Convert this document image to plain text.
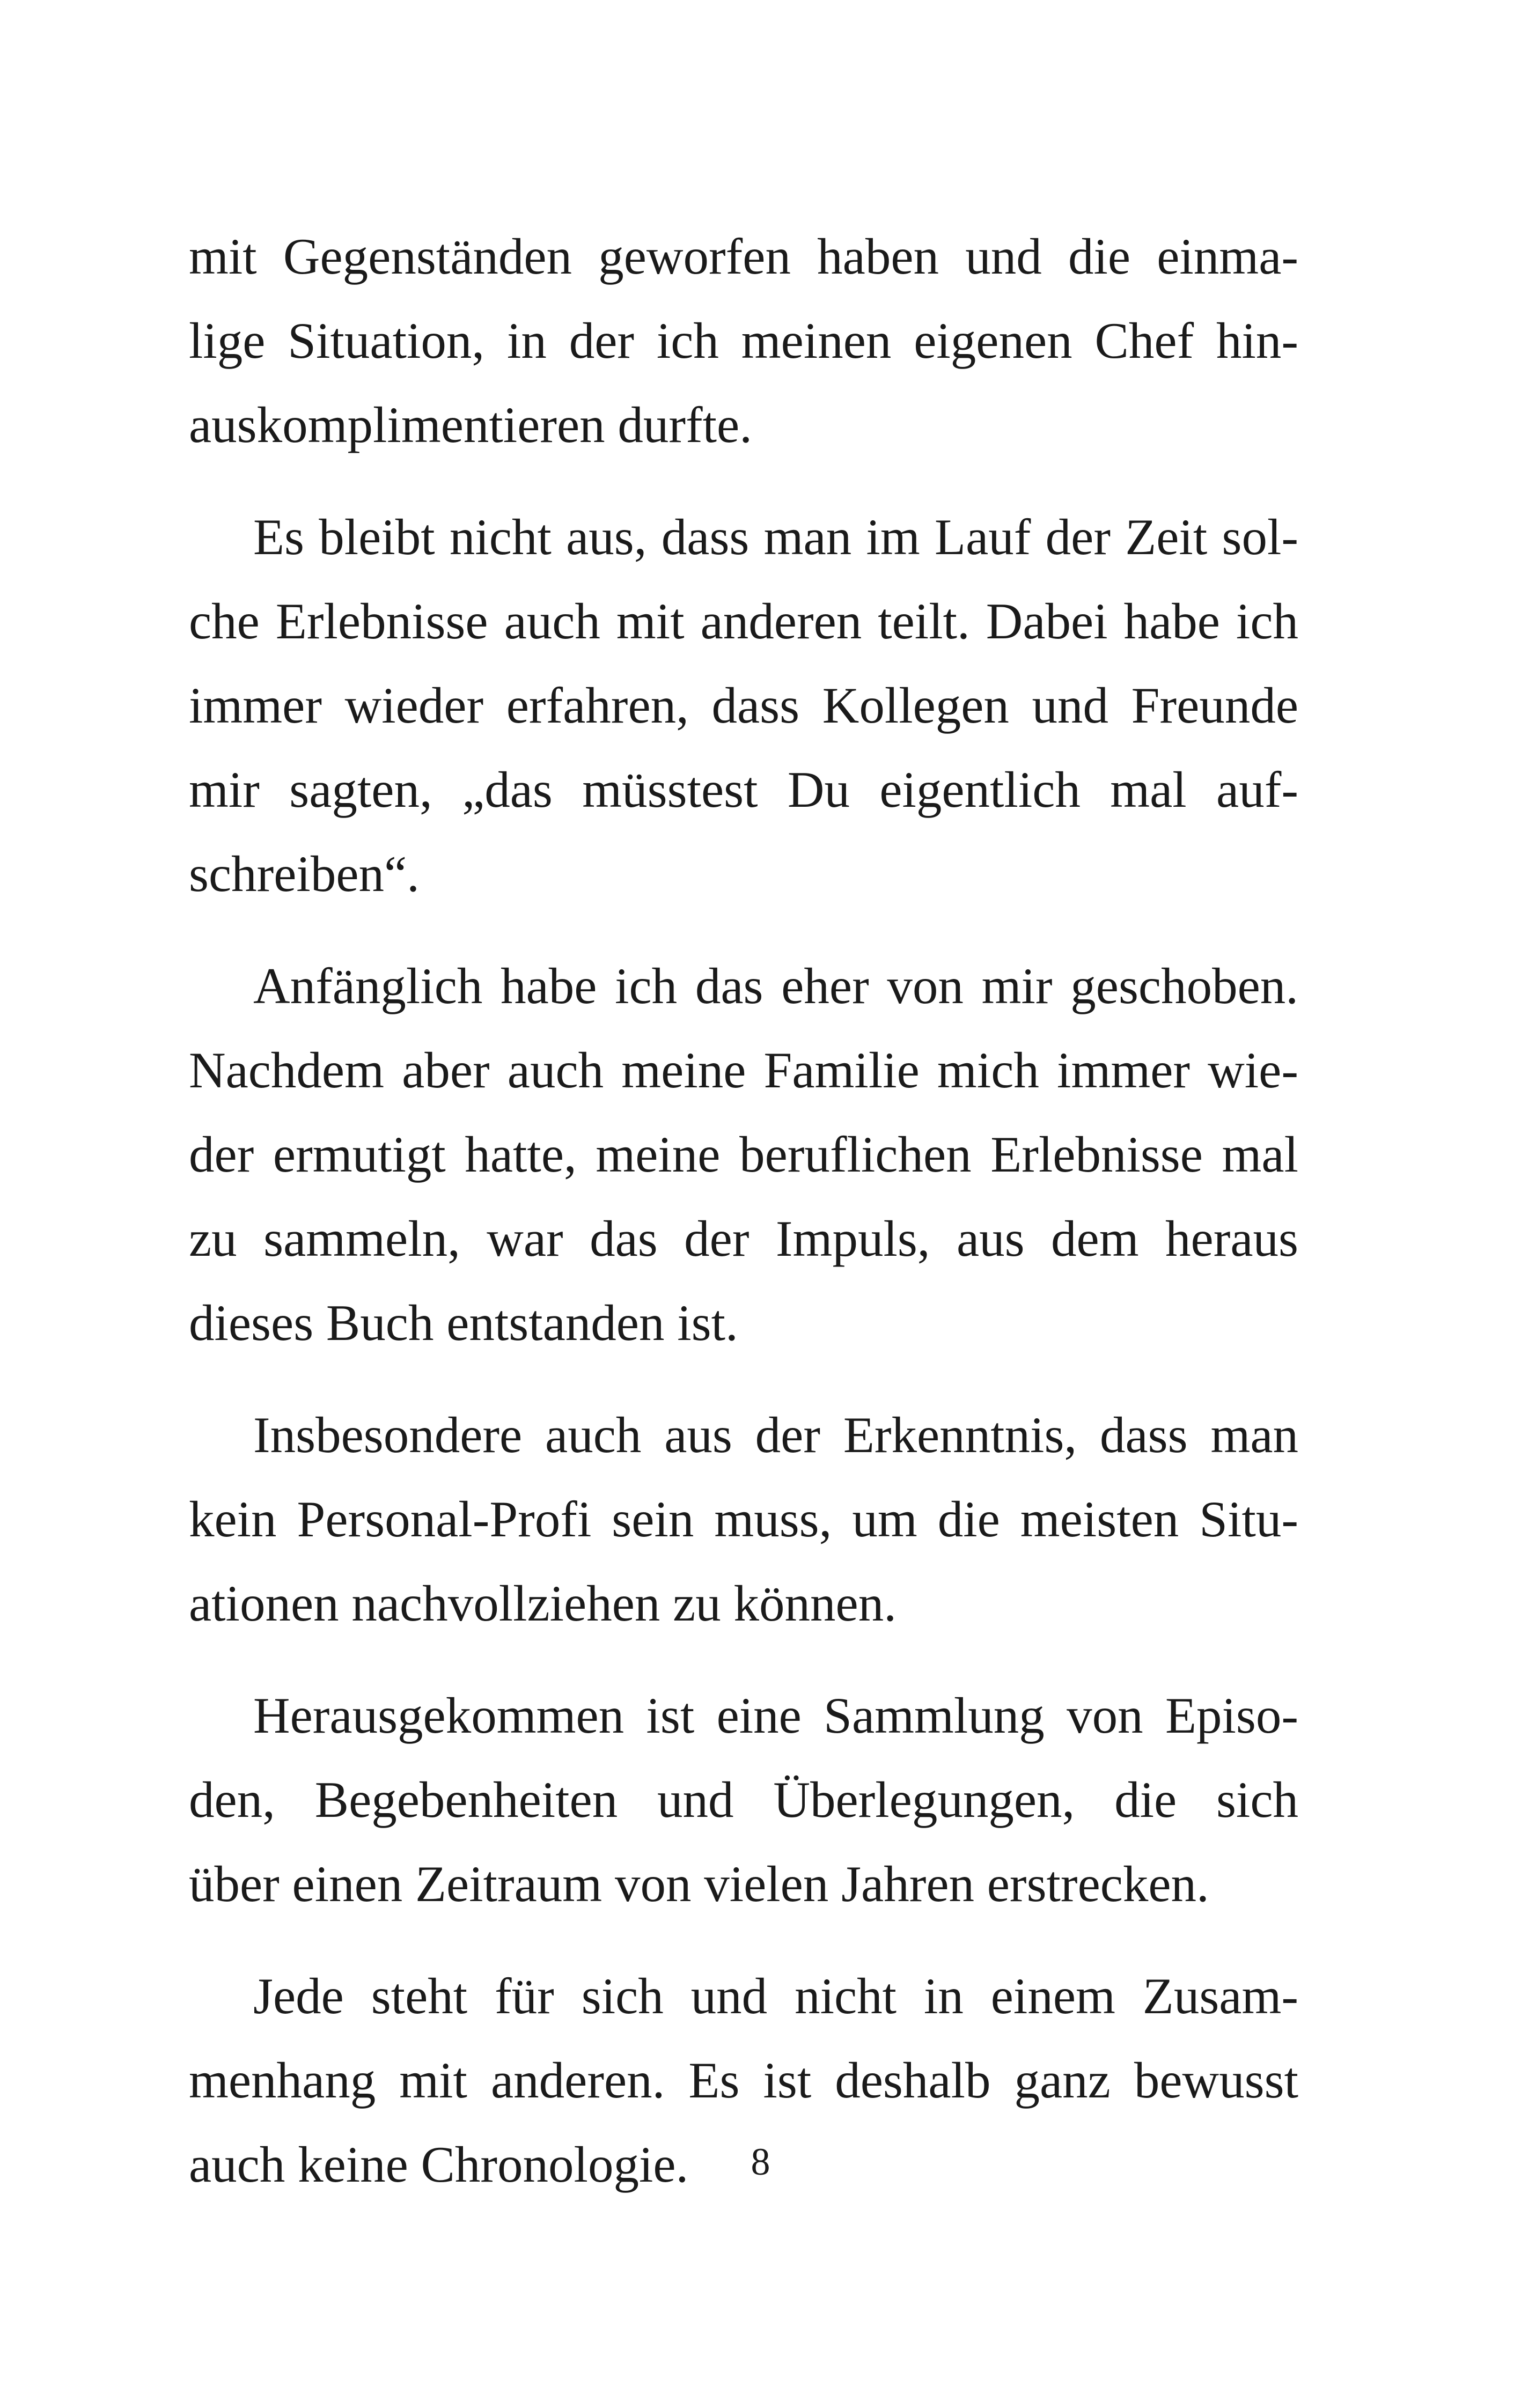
mit Gegenständen geworfen haben und die einma-
lige Situation, in der ich meinen eigenen Chef hin-
auskomplimentieren durfte.

Es bleibt nicht aus, dass man im Lauf der Zeit sol-
che Erlebnisse auch mit anderen teilt. Dabei habe ich
immer wieder erfahren, dass Kollegen und Freunde
mir sagten, „das müsstest Du eigentlich mal auf-
schreiben“.

Anfänglich habe ich das eher von mir geschoben.
Nachdem aber auch meine Familie mich immer wie-
der ermutigt hatte, meine beruflichen Erlebnisse mal
zu sammeln, war das der Impuls, aus dem heraus
dieses Buch entstanden ist.

Insbesondere auch aus der Erkenntnis, dass man
kein Personal-Profi sein muss, um die meisten Situ-
ationen nachvollziehen zu können.

Herausgekommen ist eine Sammlung von Episo-
den, Begebenheiten und Überlegungen, die sich
über einen Zeitraum von vielen Jahren erstrecken.

Jede steht für sich und nicht in einem Zusam-
menhang mit anderen. Es ist deshalb ganz bewusst
auch keine Chronologie.	8
